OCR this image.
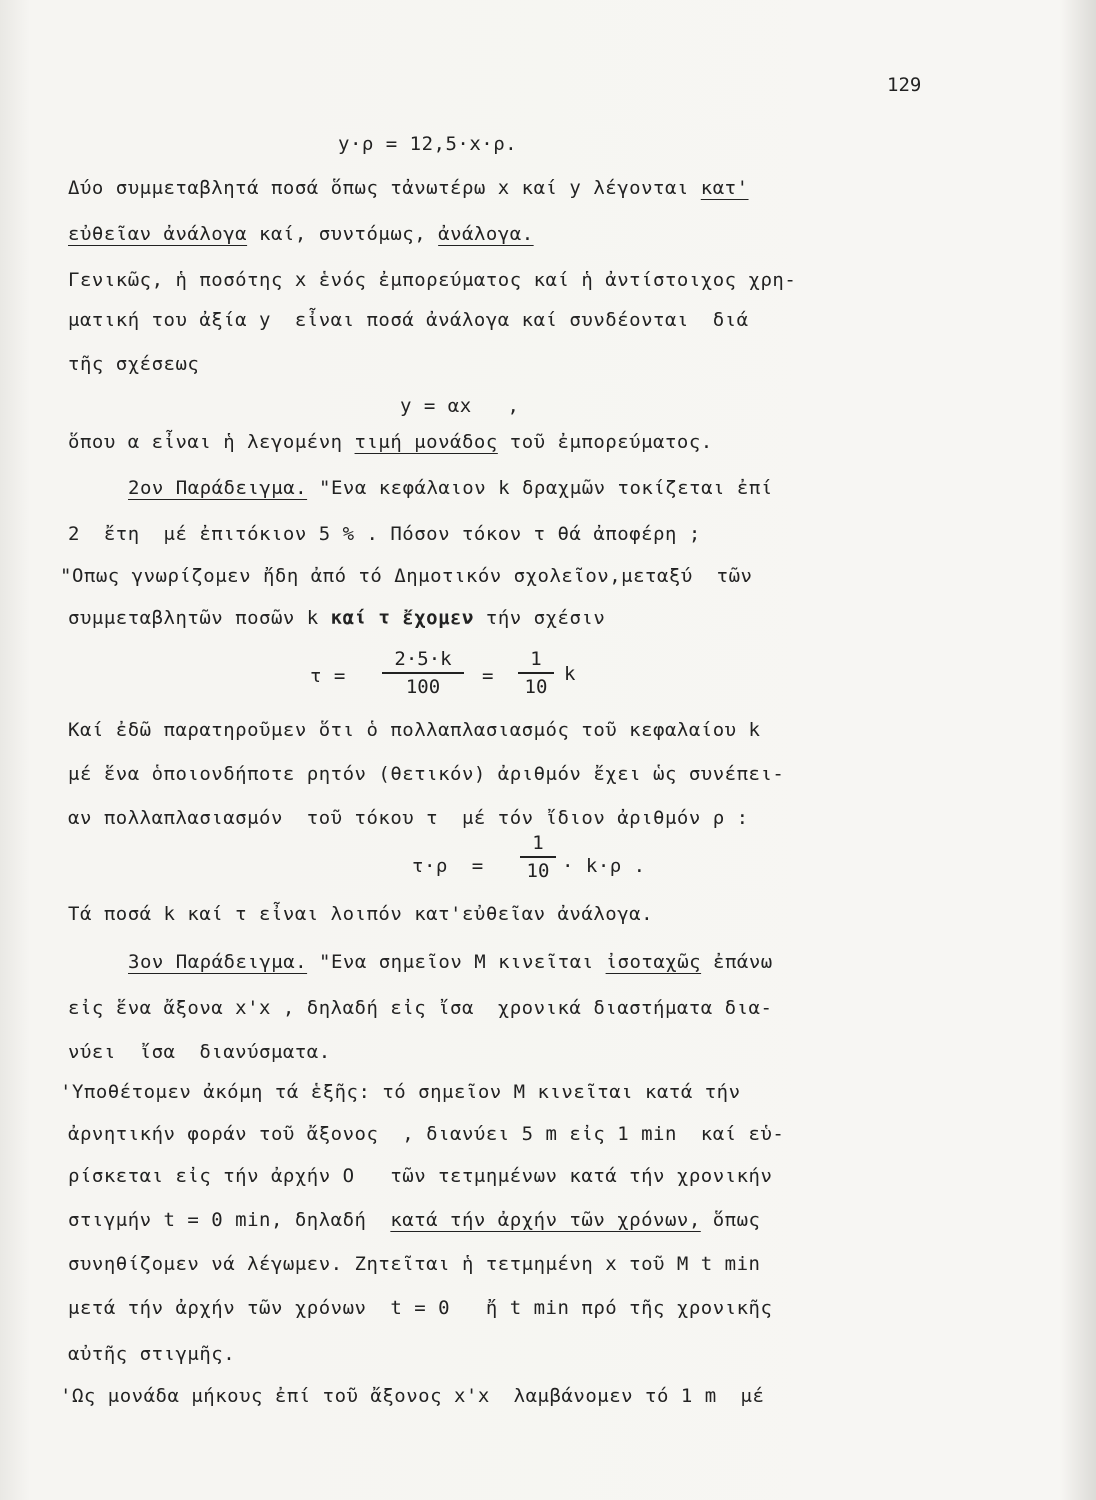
129
y·ρ = 12,5·x·ρ.
Δύο συμμεταβλητά ποσά ὅπως τἀνωτέρω x καί y λέγονται κατ'
εὐθεῖαν ἀνάλογα καί, συντόμως, ἀνάλογα.
Γενικῶς, ἡ ποσότης x ἑνός ἐμπορεύματος καί ἡ ἀντίστοιχος χρη-
ματική του ἀξία y  εἶναι ποσά ἀνάλογα καί συνδέονται  διά
τῆς σχέσεως
y = αx   ,
ὅπου α εἶναι ἡ λεγομένη τιμή μονάδος τοῦ ἐμπορεύματος.
2ον Παράδειγμα. "Ενα κεφάλαιον k δραχμῶν τοκίζεται ἐπί
2  ἔτη  μέ ἐπιτόκιον 5 % . Πόσον τόκον τ θά ἀποφέρη ;
"Οπως γνωρίζομεν ἤδη ἀπό τό Δημοτικόν σχολεῖον,μεταξύ  τῶν
συμμεταβλητῶν ποσῶν k καί τ ἔχομεν τήν σχέσιν
τ =
2·5·k
100	=
1
10
k
Καί ἐδῶ παρατηροῦμεν ὅτι ὁ πολλαπλασιασμός τοῦ κεφαλαίου k
μέ ἕνα ὁποιονδήποτε ρητόν (θετικόν) ἀριθμόν ἔχει ὡς συνέπει-
αν πολλαπλασιασμόν  τοῦ τόκου τ  μέ τόν ἴδιον ἀριθμόν ρ :
τ·ρ  =
1
10 · k·ρ .
Τά ποσά k καί τ εἶναι λοιπόν κατ'εὐθεῖαν ἀνάλογα.
3ον Παράδειγμα. "Ενα σημεῖον Μ κινεῖται ἰσοταχῶς ἐπάνω
εἰς ἕνα ἄξονα x'x , δηλαδή εἰς ἴσα  χρονικά διαστήματα δια-
νύει  ἴσα  διανύσματα.
'Υποθέτομεν ἀκόμη τά ἑξῆς: τό σημεῖον Μ κινεῖται κατά τήν
ἀρνητικήν φοράν τοῦ ἄξονος  , διανύει 5 m εἰς 1 min  καί εὑ-
ρίσκεται εἰς τήν ἀρχήν O   τῶν τετμημένων κατά τήν χρονικήν
στιγμήν t = 0 min, δηλαδή  κατά τήν ἀρχήν τῶν χρόνων, ὅπως
συνηθίζομεν νά λέγωμεν. Ζητεῖται ἡ τετμημένη x τοῦ Μ t min
μετά τήν ἀρχήν τῶν χρόνων  t = 0   ἤ t min πρό τῆς χρονικῆς
αὐτῆς στιγμῆς.
'Ως μονάδα μήκους ἐπί τοῦ ἄξονος x'x  λαμβάνομεν τό 1 m  μέ
